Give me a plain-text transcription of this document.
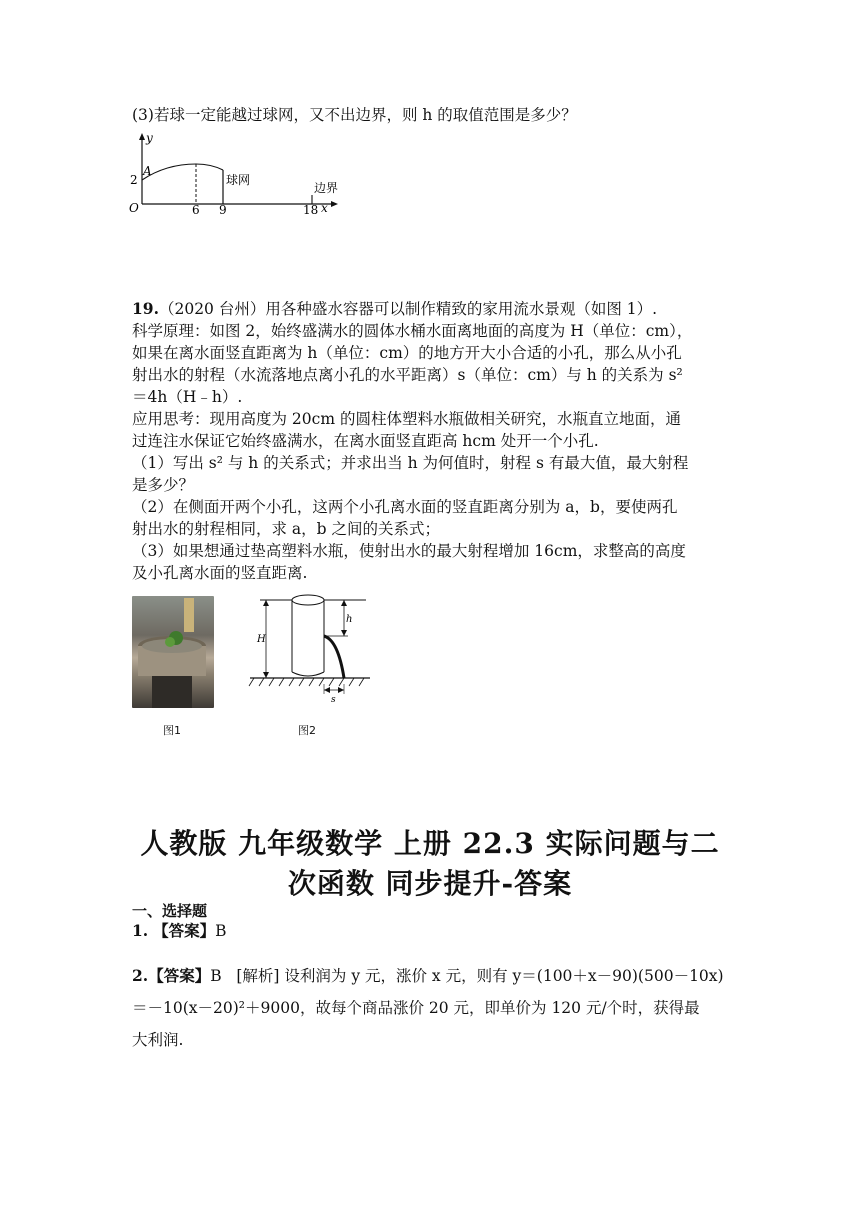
(3)若球一定能越过球网，又不出边界，则 h 的取值范围是多少？
y
x
O
A
2
6 9	18
球网
边界
19.（2020 台州）用各种盛水容器可以制作精致的家用流水景观（如图 1）.
科学原理：如图 2，始终盛满水的圆体水桶水面离地面的高度为 H（单位：cm），
如果在离水面竖直距离为 h（单位：cm）的地方开大小合适的小孔，那么从小孔
射出水的射程（水流落地点离小孔的水平距离）s（单位：cm）与 h 的关系为 s²
＝4h（H﹣h）.
应用思考：现用高度为 20cm 的圆柱体塑料水瓶做相关研究，水瓶直立地面，通
过连注水保证它始终盛满水，在离水面竖直距高 hcm 处开一个小孔.
（1）写出 s² 与 h 的关系式；并求出当 h 为何值时，射程 s 有最大值，最大射程
是多少？
（2）在侧面开两个小孔，这两个小孔离水面的竖直距离分别为 a，b，要使两孔
射出水的射程相同，求 a，b 之间的关系式；
（3）如果想通过垫高塑料水瓶，使射出水的最大射程增加 16cm，求整高的高度
及小孔离水面的竖直距离.
图1
H
h
s
图2
人教版 九年级数学 上册 22.3 实际问题与二
次函数 同步提升-答案
一、选择题
1. 【答案】B
2.【答案】B [解析] 设利润为 y 元，涨价 x 元，则有 y＝(100＋x－90)(500－10x)
＝－10(x－20)²＋9000，故每个商品涨价 20 元，即单价为 120 元/个时，获得最
大利润.
